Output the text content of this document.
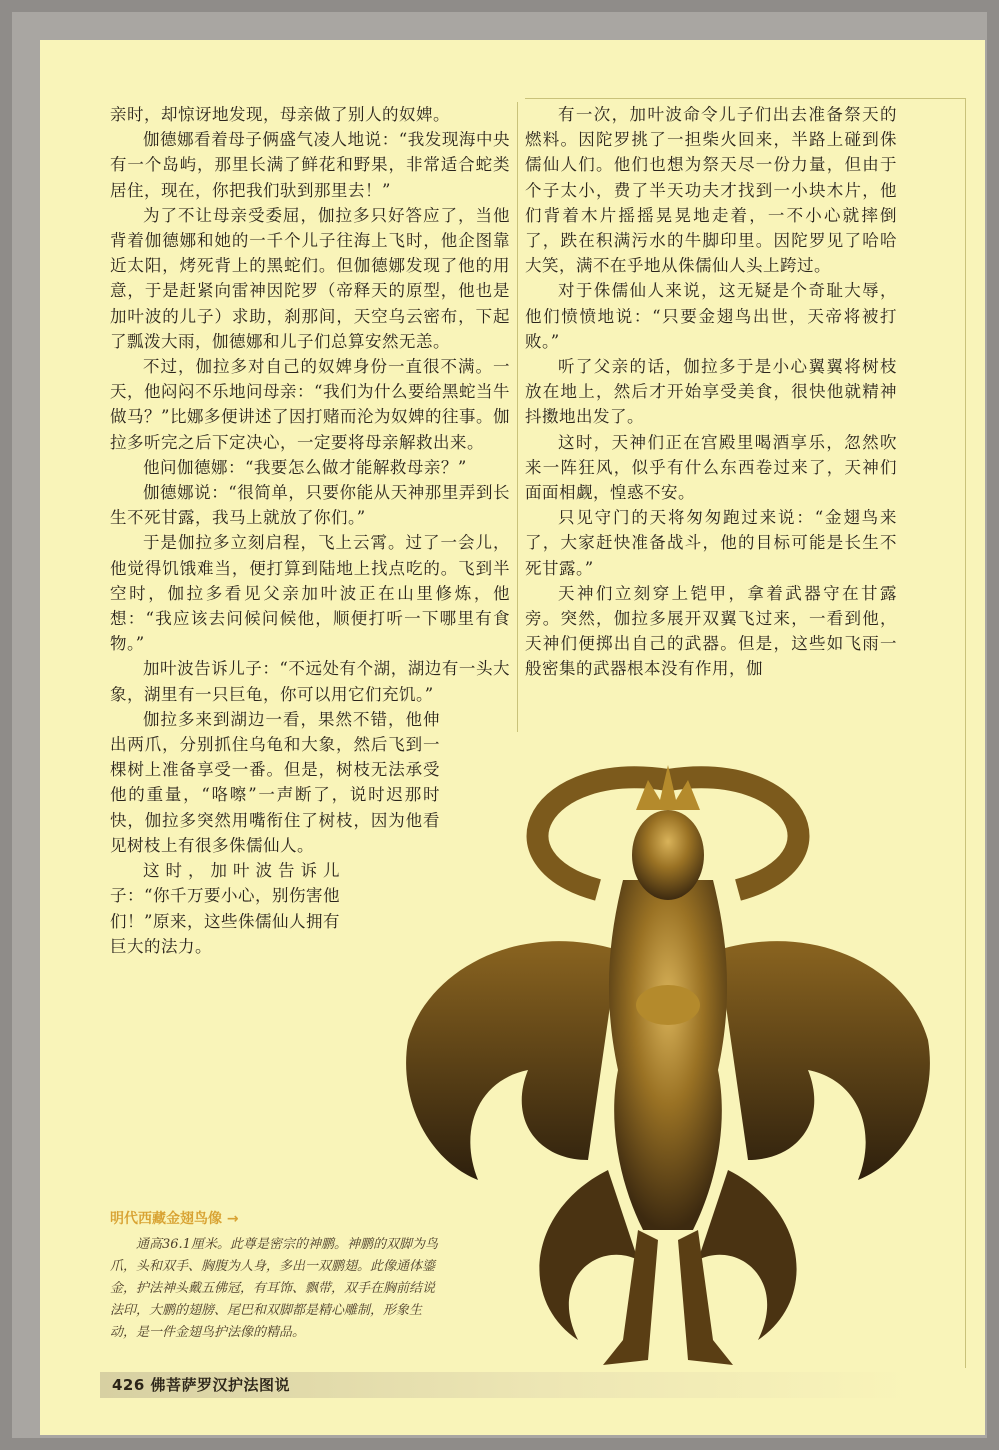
亲时，却惊讶地发现，母亲做了别人的奴婢。

伽德娜看着母子俩盛气凌人地说：“我发现海中央有一个岛屿，那里长满了鲜花和野果，非常适合蛇类居住，现在，你把我们驮到那里去！”

为了不让母亲受委屈，伽拉多只好答应了，当他背着伽德娜和她的一千个儿子往海上飞时，他企图靠近太阳，烤死背上的黑蛇们。但伽德娜发现了他的用意，于是赶紧向雷神因陀罗（帝释天的原型，他也是加叶波的儿子）求助，刹那间，天空乌云密布，下起了瓢泼大雨，伽德娜和儿子们总算安然无恙。

不过，伽拉多对自己的奴婢身份一直很不满。一天，他闷闷不乐地问母亲：“我们为什么要给黑蛇当牛做马？”比娜多便讲述了因打赌而沦为奴婢的往事。伽拉多听完之后下定决心，一定要将母亲解救出来。

他问伽德娜：“我要怎么做才能解救母亲？”

伽德娜说：“很简单，只要你能从天神那里弄到长生不死甘露，我马上就放了你们。”

于是伽拉多立刻启程，飞上云霄。过了一会儿，他觉得饥饿难当，便打算到陆地上找点吃的。飞到半空时，伽拉多看见父亲加叶波正在山里修炼，他想：“我应该去问候问候他，顺便打听一下哪里有食物。”

加叶波告诉儿子：“不远处有个湖，湖边有一头大象，湖里有一只巨龟，你可以用它们充饥。”

伽拉多来到湖边一看，果然不错，他伸出两爪，分别抓住乌龟和大象，然后飞到一棵树上准备享受一番。但是，树枝无法承受他的重量，“咯嚓”一声断了，说时迟那时快，伽拉多突然用嘴衔住了树枝，因为他看见树枝上有很多侏儒仙人。

这时，加叶波告诉儿子：“你千万要小心，别伤害他们！”原来，这些侏儒仙人拥有巨大的法力。

有一次，加叶波命令儿子们出去准备祭天的燃料。因陀罗挑了一担柴火回来，半路上碰到侏儒仙人们。他们也想为祭天尽一份力量，但由于个子太小，费了半天功夫才找到一小块木片，他们背着木片摇摇晃晃地走着，一不小心就摔倒了，跌在积满污水的牛脚印里。因陀罗见了哈哈大笑，满不在乎地从侏儒仙人头上跨过。

对于侏儒仙人来说，这无疑是个奇耻大辱，他们愤愤地说：“只要金翅鸟出世，天帝将被打败。”

听了父亲的话，伽拉多于是小心翼翼将树枝放在地上，然后才开始享受美食，很快他就精神抖擞地出发了。

这时，天神们正在宫殿里喝酒享乐，忽然吹来一阵狂风，似乎有什么东西卷过来了，天神们面面相觑，惶惑不安。

只见守门的天将匆匆跑过来说：“金翅鸟来了，大家赶快准备战斗，他的目标可能是长生不死甘露。”

天神们立刻穿上铠甲，拿着武器守在甘露旁。突然，伽拉多展开双翼飞过来，一看到他，天神们便掷出自己的武器。但是，这些如飞雨一般密集的武器根本没有作用，伽

明代西藏金翅鸟像 →

通高36.1厘米。此尊是密宗的神鹏。神鹏的双脚为鸟爪，头和双手、胸腹为人身，多出一双鹏翅。此像通体鎏金，护法神头戴五佛冠，有耳饰、飘带，双手在胸前结说法印，大鹏的翅膀、尾巴和双脚都是精心雕制，形象生动，是一件金翅鸟护法像的精品。

426 佛菩萨罗汉护法图说
